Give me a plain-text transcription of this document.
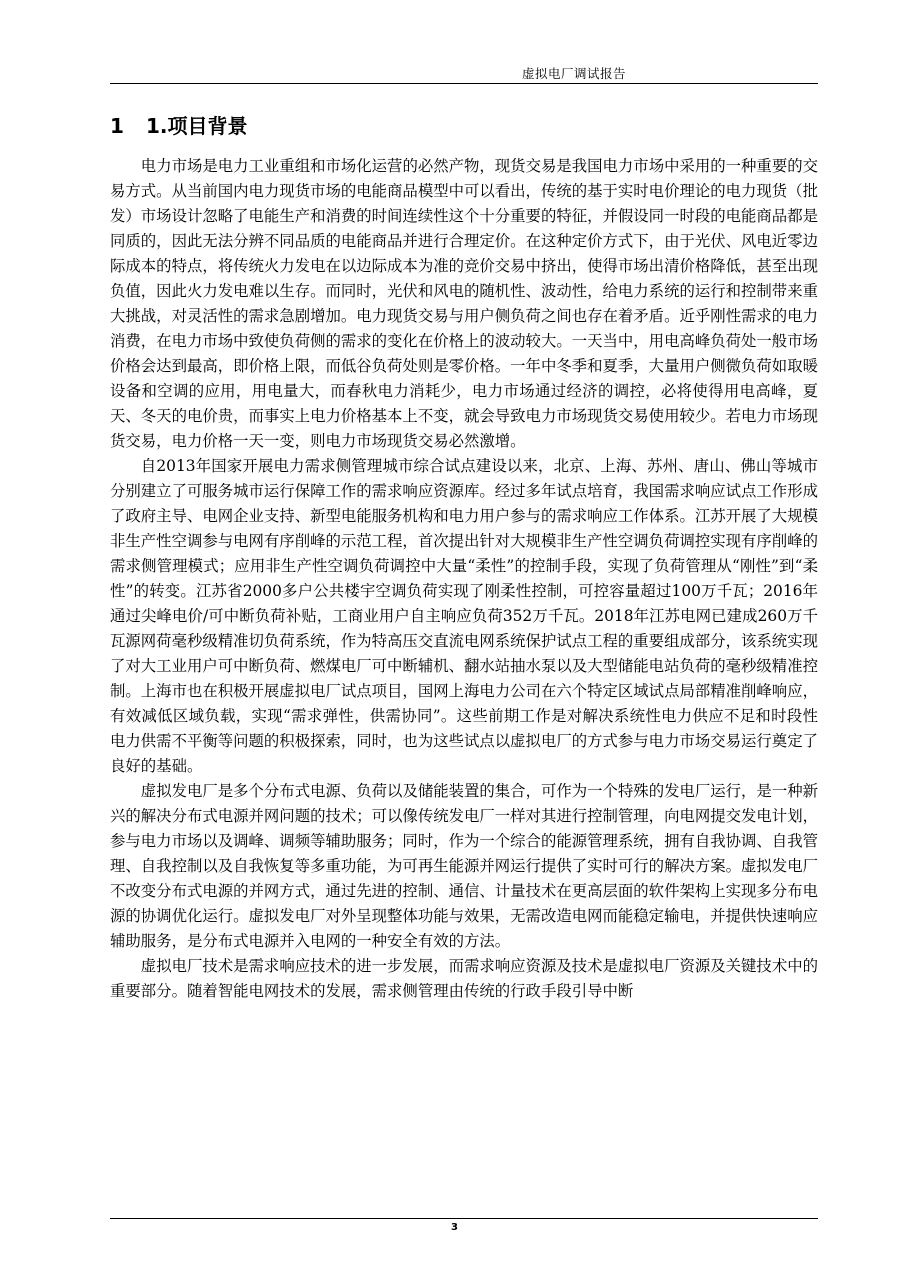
虚拟电厂调试报告
1 1.项目背景

电力市场是电力工业重组和市场化运营的必然产物，现货交易是我国电力市场中采用的一种重要的交易方式。从当前国内电力现货市场的电能商品模型中可以看出，传统的基于实时电价理论的电力现货（批发）市场设计忽略了电能生产和消费的时间连续性这个十分重要的特征，并假设同一时段的电能商品都是同质的，因此无法分辨不同品质的电能商品并进行合理定价。在这种定价方式下，由于光伏、风电近零边际成本的特点，将传统火力发电在以边际成本为准的竞价交易中挤出，使得市场出清价格降低，甚至出现负值，因此火力发电难以生存。而同时，光伏和风电的随机性、波动性，给电力系统的运行和控制带来重大挑战，对灵活性的需求急剧增加。电力现货交易与用户侧负荷之间也存在着矛盾。近乎刚性需求的电力消费，在电力市场中致使负荷侧的需求的变化在价格上的波动较大。一天当中，用电高峰负荷处一般市场价格会达到最高，即价格上限，而低谷负荷处则是零价格。一年中冬季和夏季，大量用户侧微负荷如取暖设备和空调的应用，用电量大，而春秋电力消耗少，电力市场通过经济的调控，必将使得用电高峰，夏天、冬天的电价贵，而事实上电力价格基本上不变，就会导致电力市场现货交易使用较少。若电力市场现货交易，电力价格一天一变，则电力市场现货交易必然激增。

自2013年国家开展电力需求侧管理城市综合试点建设以来，北京、上海、苏州、唐山、佛山等城市分别建立了可服务城市运行保障工作的需求响应资源库。经过多年试点培育，我国需求响应试点工作形成了政府主导、电网企业支持、新型电能服务机构和电力用户参与的需求响应工作体系。江苏开展了大规模非生产性空调参与电网有序削峰的示范工程，首次提出针对大规模非生产性空调负荷调控实现有序削峰的需求侧管理模式；应用非生产性空调负荷调控中大量“柔性”的控制手段，实现了负荷管理从“刚性”到“柔性”的转变。江苏省2000多户公共楼宇空调负荷实现了刚柔性控制，可控容量超过100万千瓦；2016年通过尖峰电价/可中断负荷补贴，工商业用户自主响应负荷352万千瓦。2018年江苏电网已建成260万千瓦源网荷毫秒级精准切负荷系统，作为特高压交直流电网系统保护试点工程的重要组成部分，该系统实现了对大工业用户可中断负荷、燃煤电厂可中断辅机、翻水站抽水泵以及大型储能电站负荷的毫秒级精准控制。上海市也在积极开展虚拟电厂试点项目，国网上海电力公司在六个特定区域试点局部精准削峰响应，有效减低区域负载，实现“需求弹性，供需协同”。这些前期工作是对解决系统性电力供应不足和时段性电力供需不平衡等问题的积极探索，同时，也为这些试点以虚拟电厂的方式参与电力市场交易运行奠定了良好的基础。

虚拟发电厂是多个分布式电源、负荷以及储能装置的集合，可作为一个特殊的发电厂运行，是一种新兴的解决分布式电源并网问题的技术；可以像传统发电厂一样对其进行控制管理，向电网提交发电计划，参与电力市场以及调峰、调频等辅助服务；同时，作为一个综合的能源管理系统，拥有自我协调、自我管理、自我控制以及自我恢复等多重功能，为可再生能源并网运行提供了实时可行的解决方案。虚拟发电厂不改变分布式电源的并网方式，通过先进的控制、通信、计量技术在更高层面的软件架构上实现多分布电源的协调优化运行。虚拟发电厂对外呈现整体功能与效果，无需改造电网而能稳定输电，并提供快速响应辅助服务，是分布式电源并入电网的一种安全有效的方法。

虚拟电厂技术是需求响应技术的进一步发展，而需求响应资源及技术是虚拟电厂资源及关键技术中的重要部分。随着智能电网技术的发展，需求侧管理由传统的行政手段引导中断

3
